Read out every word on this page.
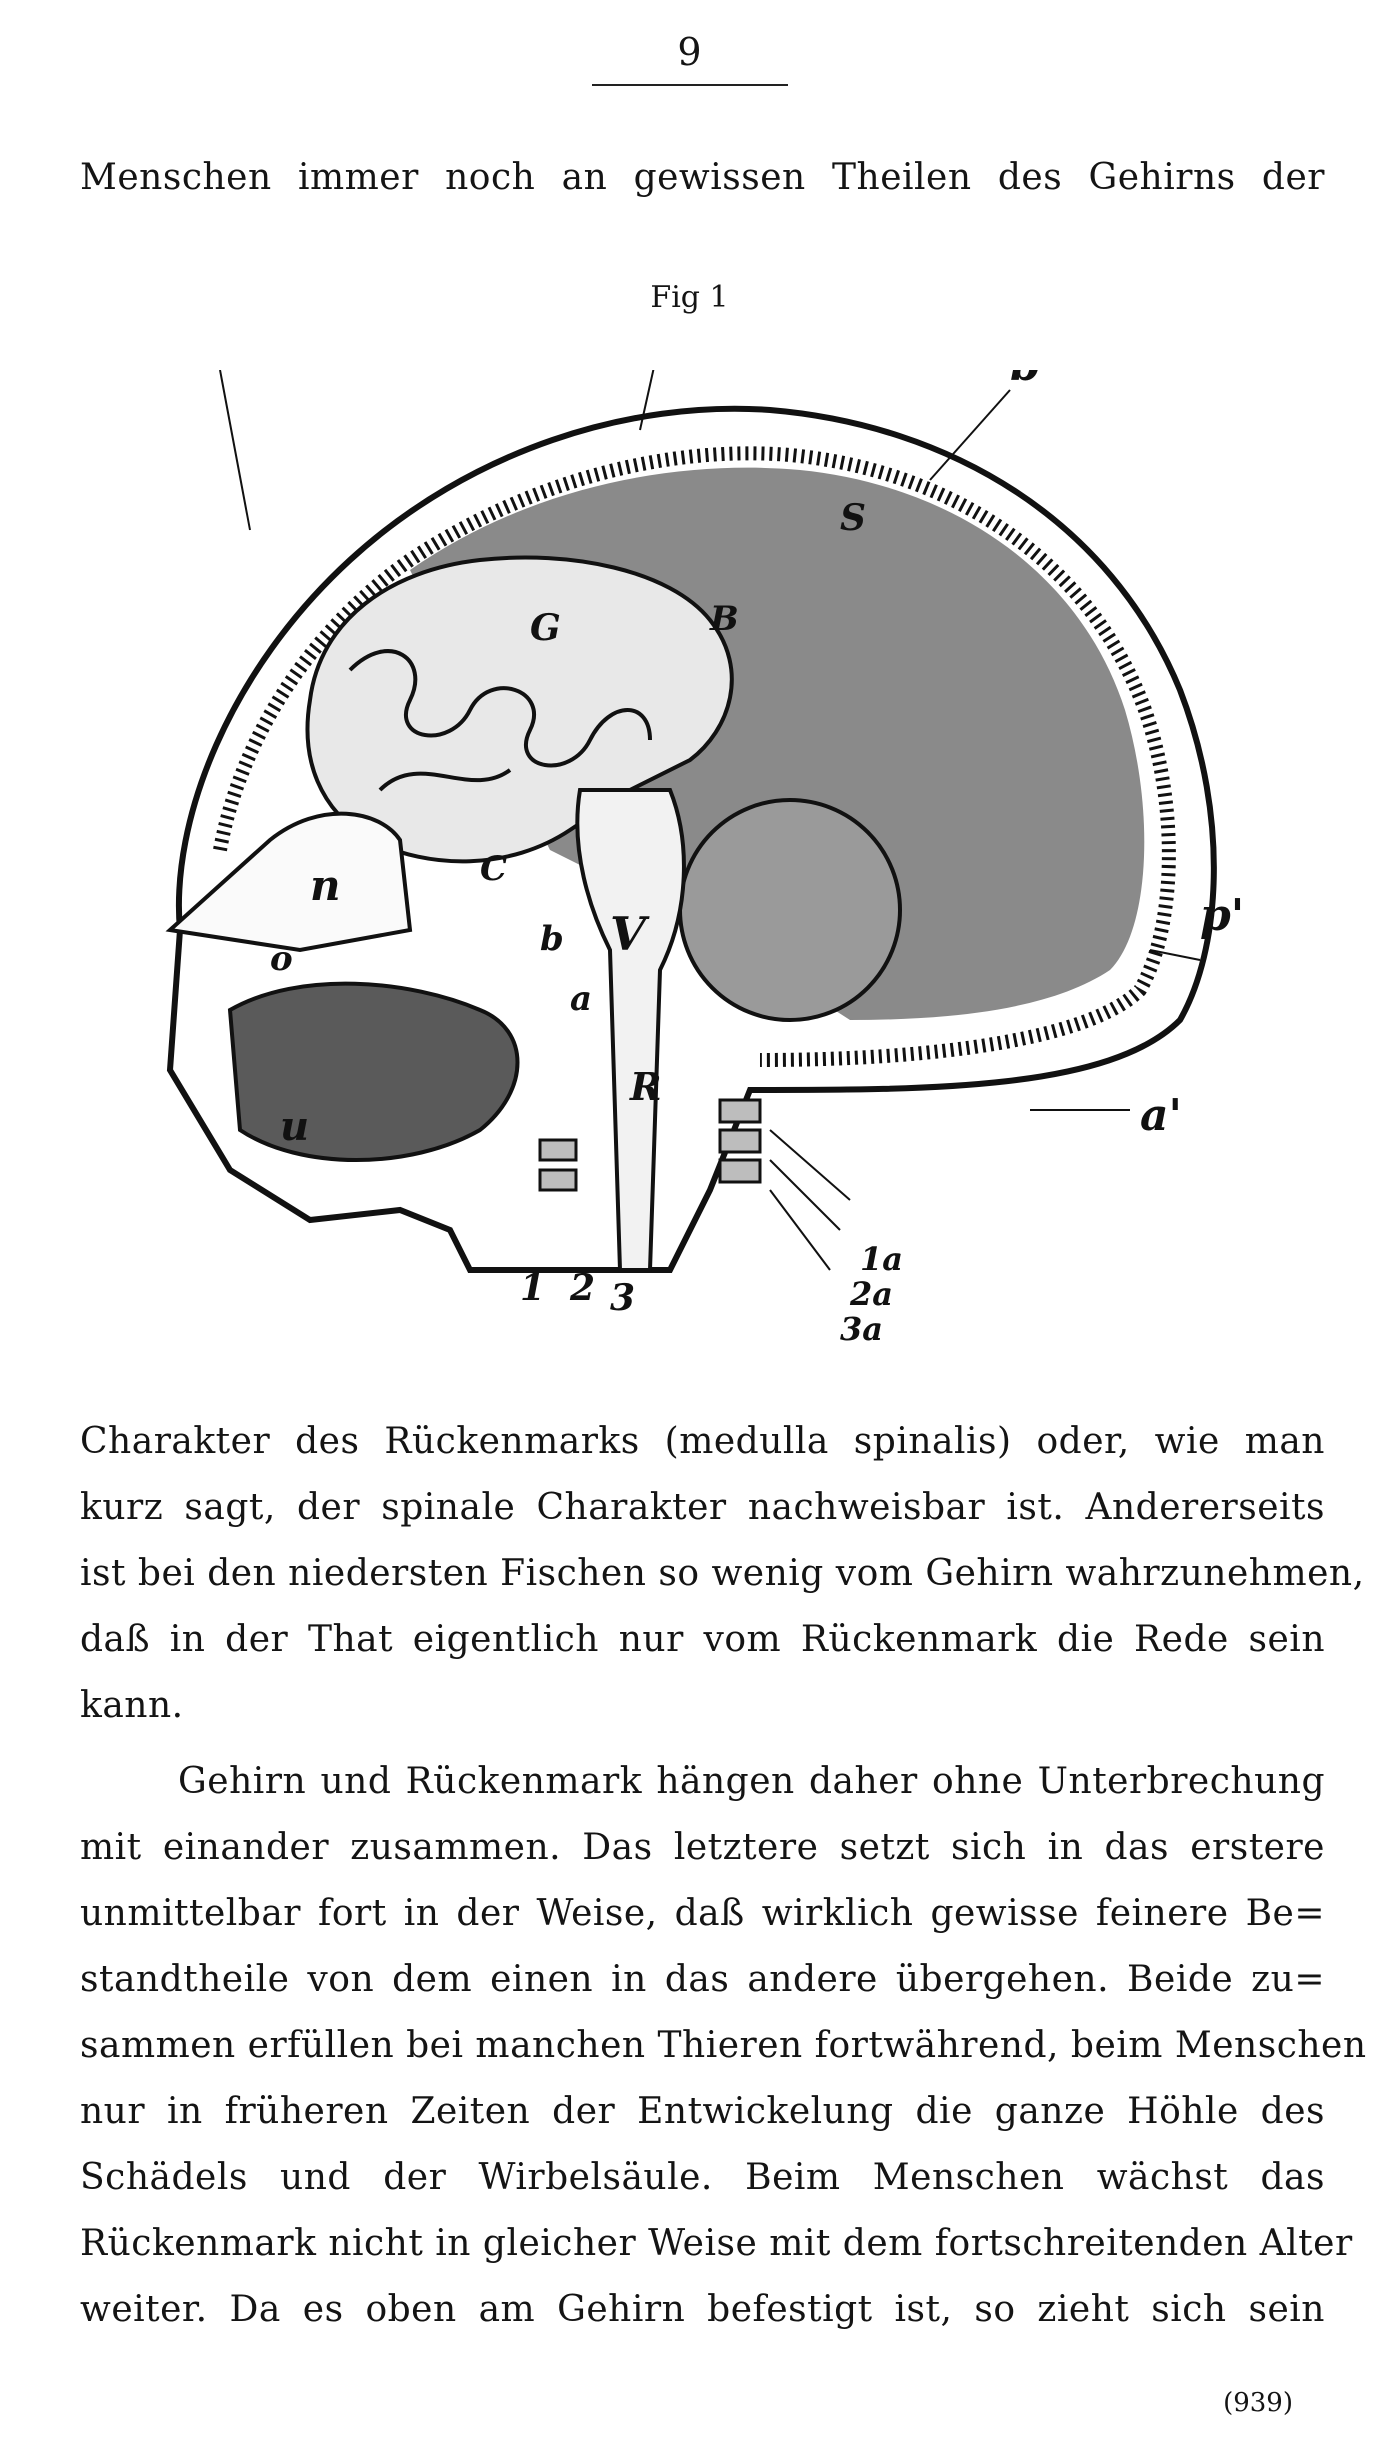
9
Menschen immer noch an gewissen Theilen des Gehirns der
Fig 1
S
G	B
n	C
b V	p'
o
a
R
a'
u
1 2 3
1a
2a
3a
Charakter des Rückenmarks (medulla spinalis) oder, wie man
kurz sagt, der spinale Charakter nachweisbar ist. Andererseits
ist bei den niedersten Fischen so wenig vom Gehirn wahrzunehmen,
daß in der That eigentlich nur vom Rückenmark die Rede sein
kann.
Gehirn und Rückenmark hängen daher ohne Unterbrechung
mit einander zusammen. Das letztere setzt sich in das erstere
unmittelbar fort in der Weise, daß wirklich gewisse feinere Be=
standtheile von dem einen in das andere übergehen. Beide zu=
sammen erfüllen bei manchen Thieren fortwährend, beim Menschen
nur in früheren Zeiten der Entwickelung die ganze Höhle des
Schädels und der Wirbelsäule. Beim Menschen wächst das
Rückenmark nicht in gleicher Weise mit dem fortschreitenden Alter
weiter. Da es oben am Gehirn befestigt ist, so zieht sich sein
(939)
